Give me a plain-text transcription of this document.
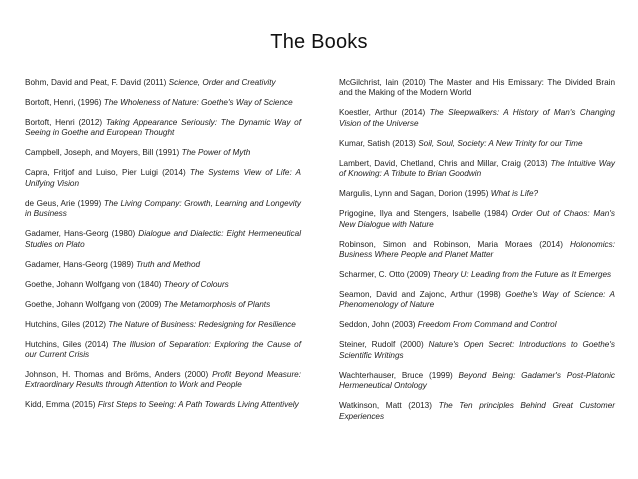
The Books

Bohm, David and Peat, F. David (2011) Science, Order and Creativity

Bortoft, Henri, (1996) The Wholeness of Nature: Goethe's Way of Science

Bortoft, Henri (2012) Taking Appearance Seriously: The Dynamic Way of Seeing in Goethe and European Thought

Campbell, Joseph, and Moyers, Bill (1991) The Power of Myth

Capra, Fritjof and Luiso, Pier Luigi (2014) The Systems View of Life: A Unifying Vision

de Geus, Arie (1999) The Living Company: Growth, Learning and Longevity in Business

Gadamer, Hans-Georg (1980) Dialogue and Dialectic: Eight Hermeneutical Studies on Plato

Gadamer, Hans-Georg (1989) Truth and Method

Goethe, Johann Wolfgang von (1840) Theory of Colours

Goethe, Johann Wolfgang von (2009) The Metamorphosis of Plants

Hutchins, Giles (2012) The Nature of Business: Redesigning for Resilience

Hutchins, Giles (2014) The Illusion of Separation: Exploring the Cause of our Current Crisis

Johnson, H. Thomas and Bröms, Anders (2000) Profit Beyond Measure: Extraordinary Results through Attention to Work and People

Kidd, Emma (2015) First Steps to Seeing: A Path Towards Living Attentively

McGilchrist, Iain (2010) The Master and His Emissary: The Divided Brain and the Making of the Modern World

Koestler, Arthur (2014) The Sleepwalkers: A History of Man's Changing Vision of the Universe

Kumar, Satish (2013) Soil, Soul, Society: A New Trinity for our Time

Lambert, David, Chetland, Chris and Millar, Craig (2013) The Intuitive Way of Knowing: A Tribute to Brian Goodwin

Margulis, Lynn and Sagan, Dorion (1995) What is Life?

Prigogine, Ilya and Stengers, Isabelle (1984) Order Out of Chaos: Man's New Dialogue with Nature

Robinson, Simon and Robinson, Maria Moraes (2014) Holonomics: Business Where People and Planet Matter

Scharmer, C. Otto (2009) Theory U: Leading from the Future as It Emerges

Seamon, David and Zajonc, Arthur (1998) Goethe's Way of Science: A Phenomenology of Nature

Seddon, John (2003) Freedom From Command and Control

Steiner, Rudolf (2000) Nature's Open Secret: Introductions to Goethe's Scientific Writings

Wachterhauser, Bruce (1999) Beyond Being: Gadamer's Post-Platonic Hermeneutical Ontology

Watkinson, Matt (2013) The Ten principles Behind Great Customer Experiences
